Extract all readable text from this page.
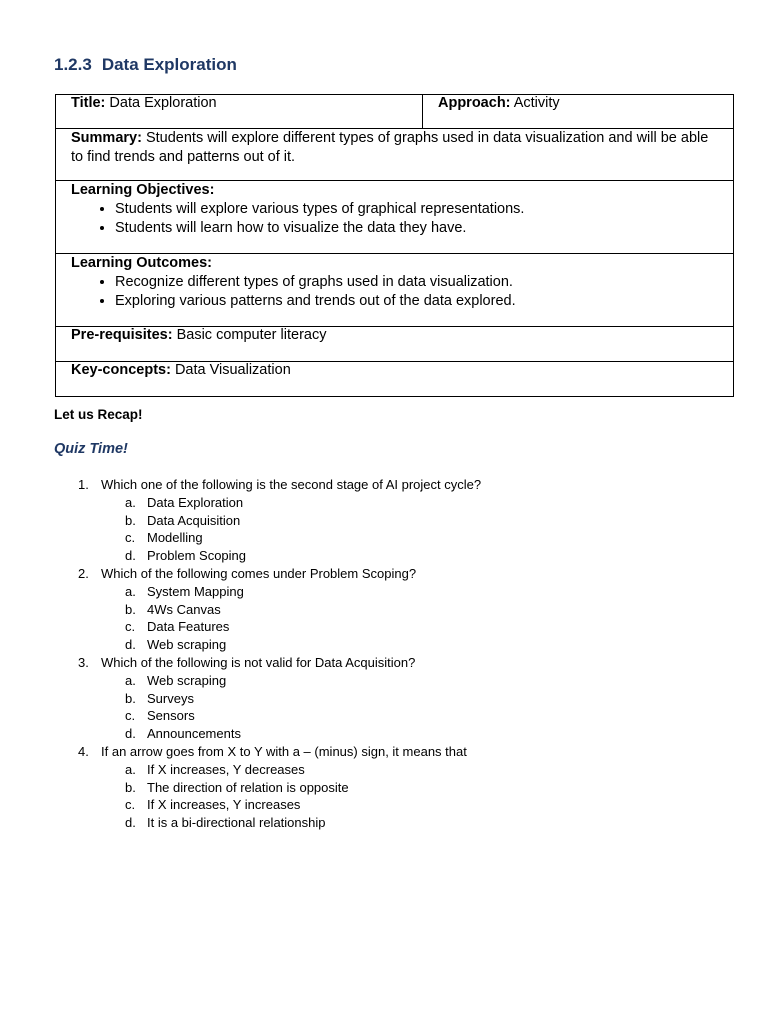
1.2.3 Data Exploration
Title: Data Exploration	Approach: Activity
Summary: Students will explore different types of graphs used in data visualization and will be able to find trends and patterns out of it.

Learning Objectives:
• Students will explore various types of graphical representations.
• Students will learn how to visualize the data they have.

Learning Outcomes:
• Recognize different types of graphs used in data visualization.
• Exploring various patterns and trends out of the data explored.

Pre-requisites: Basic computer literacy
Key-concepts: Data Visualization
Let us Recap!
Quiz Time!
1. Which one of the following is the second stage of AI project cycle?
a. Data Exploration
b. Data Acquisition
c. Modelling
d. Problem Scoping
2. Which of the following comes under Problem Scoping?
a. System Mapping
b. 4Ws Canvas
c. Data Features
d. Web scraping
3. Which of the following is not valid for Data Acquisition?
a. Web scraping
b. Surveys
c. Sensors
d. Announcements
4. If an arrow goes from X to Y with a – (minus) sign, it means that
a. If X increases, Y decreases
b. The direction of relation is opposite
c. If X increases, Y increases
d. It is a bi-directional relationship
